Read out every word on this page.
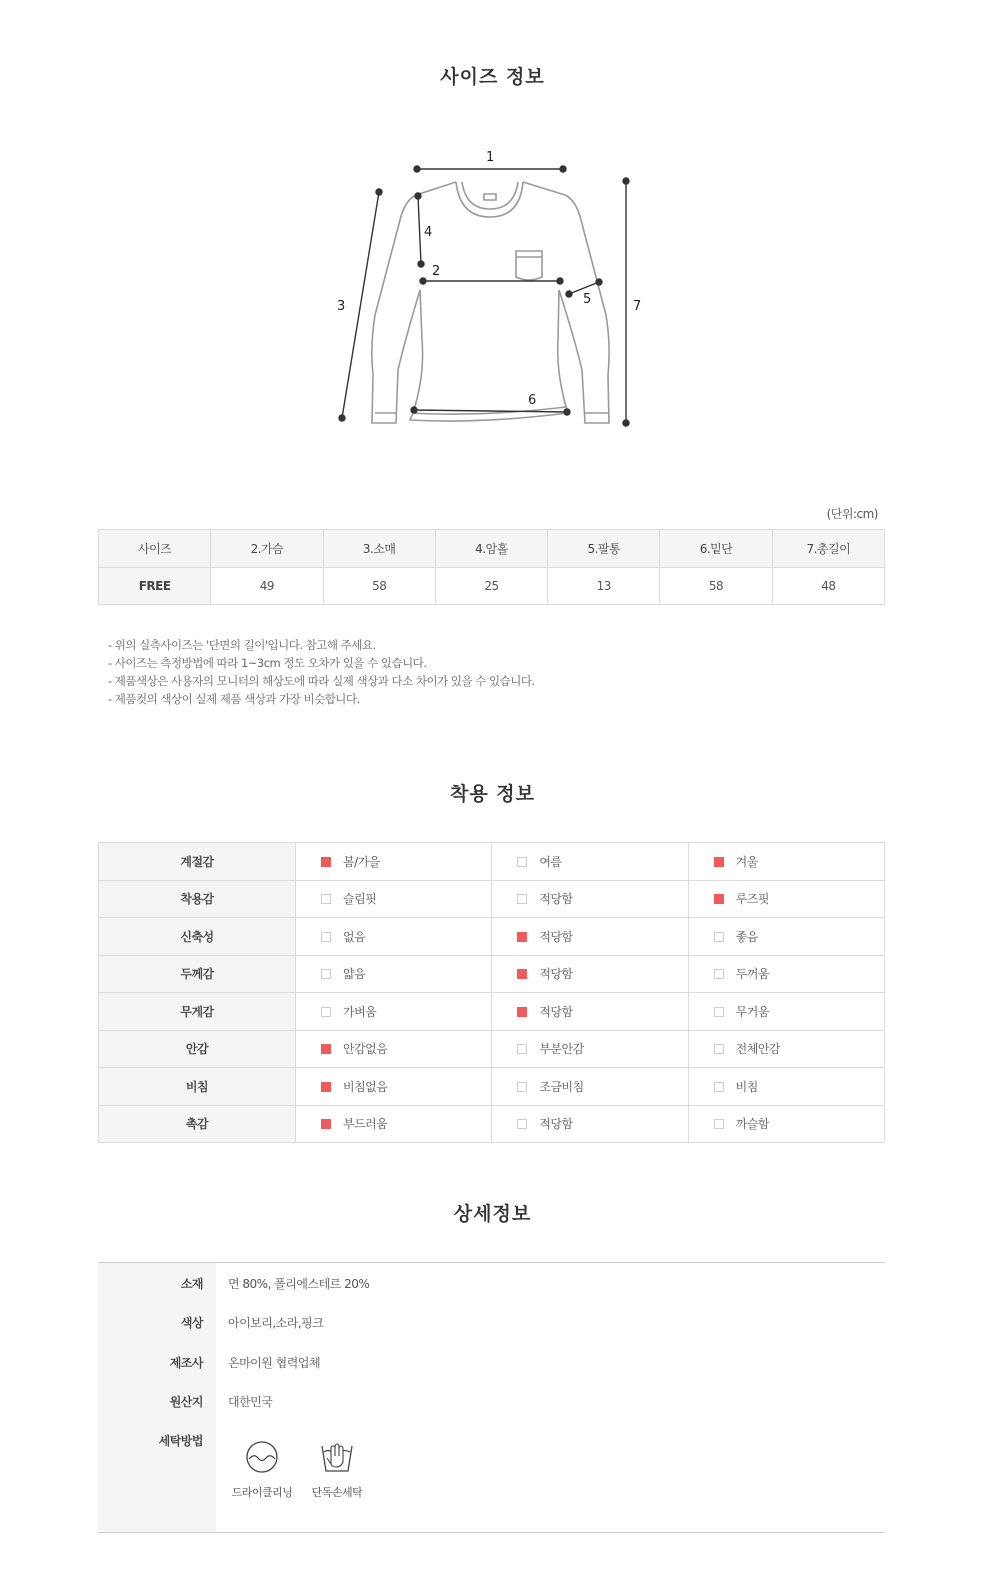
사이즈 정보
1
2
3
4
5
6
7
(단위:cm)
사이즈	2.가슴	3.소매	4.암홀	5.팔통	6.밑단	7.총길이
FREE	49	58	25	13	58	48
- 위의 실측사이즈는 '단면의 길이'입니다. 참고해 주세요.
- 사이즈는 측정방법에 따라 1~3cm 정도 오차가 있을 수 있습니다.
- 제품색상은 사용자의 모니터의 해상도에 따라 실제 색상과 다소 차이가 있을 수 있습니다.
- 제품컷의 색상이 실제 제품 색상과 가장 비슷합니다.
착용 정보
계절감	봄/가을	여름	겨울
착용감	슬림핏	적당함	루즈핏
신축성	없음	적당함	좋음
두께감	얇음	적당함	두꺼움
무게감	가벼움	적당함	무거움
안감	안감없음	부분안감	전체안감
비침	비침없음	조금비침	비침
촉감	부드러움	적당함	까슬함
상세정보
소재 면 80%, 폴리에스테르 20%
색상 아이보리,소라,핑크
제조사 온마이원 협력업체
원산지 대한민국
세탁방법
드라이클리닝	단독손세탁
